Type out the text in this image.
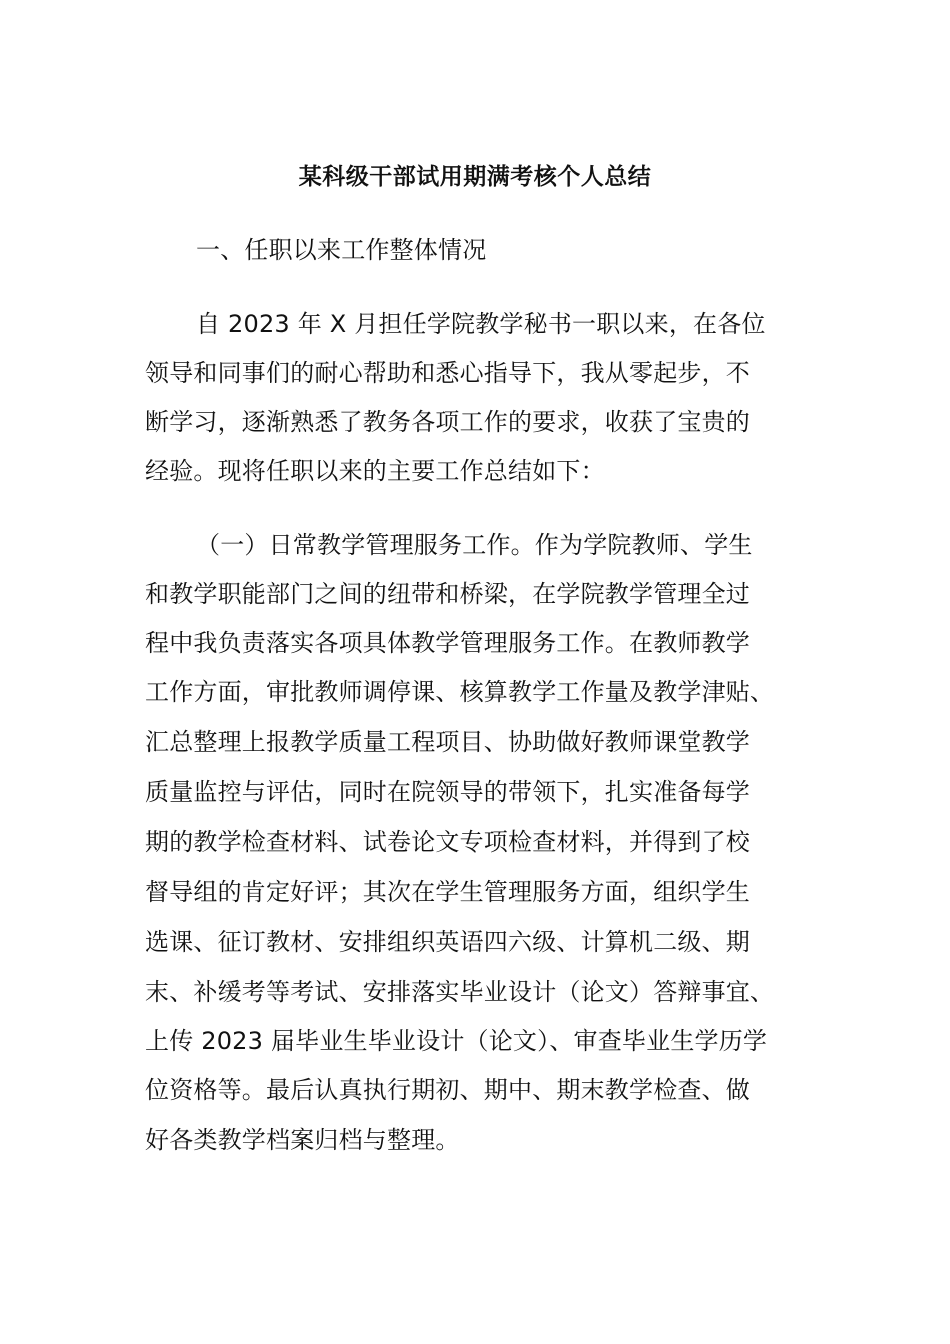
某科级干部试用期满考核个人总结
一、任职以来工作整体情况
自 2023 年 X 月担任学院教学秘书一职以来，在各位
领导和同事们的耐心帮助和悉心指导下，我从零起步，不
断学习，逐渐熟悉了教务各项工作的要求，收获了宝贵的
经验。现将任职以来的主要工作总结如下：
（一）日常教学管理服务工作。作为学院教师、学生
和教学职能部门之间的纽带和桥梁，在学院教学管理全过
程中我负责落实各项具体教学管理服务工作。在教师教学
工作方面，审批教师调停课、核算教学工作量及教学津贴、
汇总整理上报教学质量工程项目、协助做好教师课堂教学
质量监控与评估，同时在院领导的带领下，扎实准备每学
期的教学检查材料、试卷论文专项检查材料，并得到了校
督导组的肯定好评；其次在学生管理服务方面，组织学生
选课、征订教材、安排组织英语四六级、计算机二级、期
末、补缓考等考试、安排落实毕业设计（论文）答辩事宜、
上传 2023 届毕业生毕业设计（论文）、审查毕业生学历学
位资格等。最后认真执行期初、期中、期末教学检查、做
好各类教学档案归档与整理。
